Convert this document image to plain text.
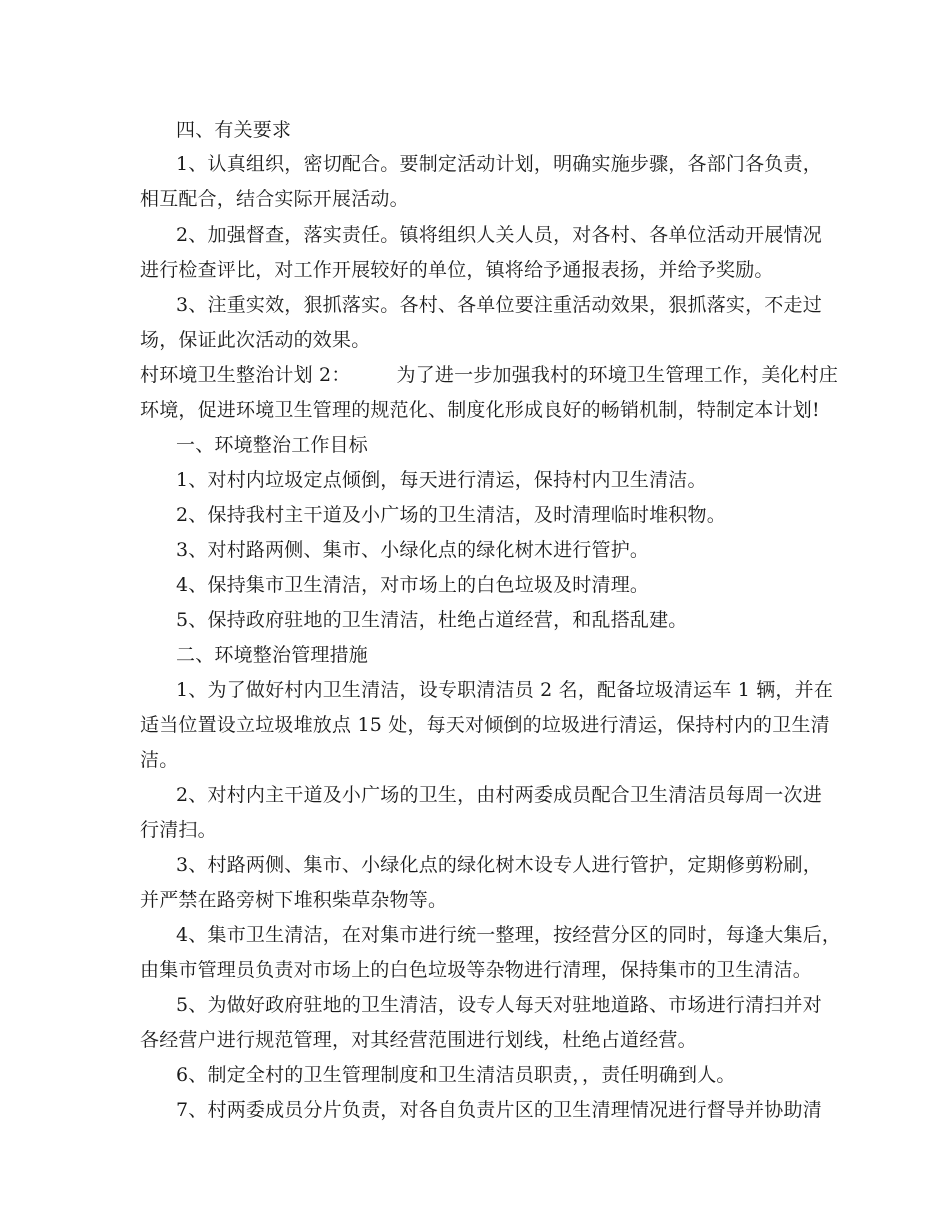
四、有关要求
1、认真组织，密切配合。要制定活动计划，明确实施步骤，各部门各负责，
相互配合，结合实际开展活动。
2、加强督查，落实责任。镇将组织人关人员，对各村、各单位活动开展情况
进行检查评比，对工作开展较好的单位，镇将给予通报表扬，并给予奖励。
3、注重实效，狠抓落实。各村、各单位要注重活动效果，狠抓落实，不走过
场，保证此次活动的效果。
村环境卫生整治计划 2： 为了进一步加强我村的环境卫生管理工作，美化村庄
环境，促进环境卫生管理的规范化、制度化形成良好的畅销机制，特制定本计划!
一、环境整治工作目标
1、对村内垃圾定点倾倒，每天进行清运，保持村内卫生清洁。
2、保持我村主干道及小广场的卫生清洁，及时清理临时堆积物。
3、对村路两侧、集市、小绿化点的绿化树木进行管护。
4、保持集市卫生清洁，对市场上的白色垃圾及时清理。
5、保持政府驻地的卫生清洁，杜绝占道经营，和乱搭乱建。
二、环境整治管理措施
1、为了做好村内卫生清洁，设专职清洁员 2 名，配备垃圾清运车 1 辆，并在
适当位置设立垃圾堆放点 15 处，每天对倾倒的垃圾进行清运，保持村内的卫生清
洁。
2、对村内主干道及小广场的卫生，由村两委成员配合卫生清洁员每周一次进
行清扫。
3、村路两侧、集市、小绿化点的绿化树木设专人进行管护，定期修剪粉刷，
并严禁在路旁树下堆积柴草杂物等。
4、集市卫生清洁，在对集市进行统一整理，按经营分区的同时，每逢大集后，
由集市管理员负责对市场上的白色垃圾等杂物进行清理，保持集市的卫生清洁。
5、为做好政府驻地的卫生清洁，设专人每天对驻地道路、市场进行清扫并对
各经营户进行规范管理，对其经营范围进行划线，杜绝占道经营。
6、制定全村的卫生管理制度和卫生清洁员职责，，责任明确到人。
7、村两委成员分片负责，对各自负责片区的卫生清理情况进行督导并协助清
